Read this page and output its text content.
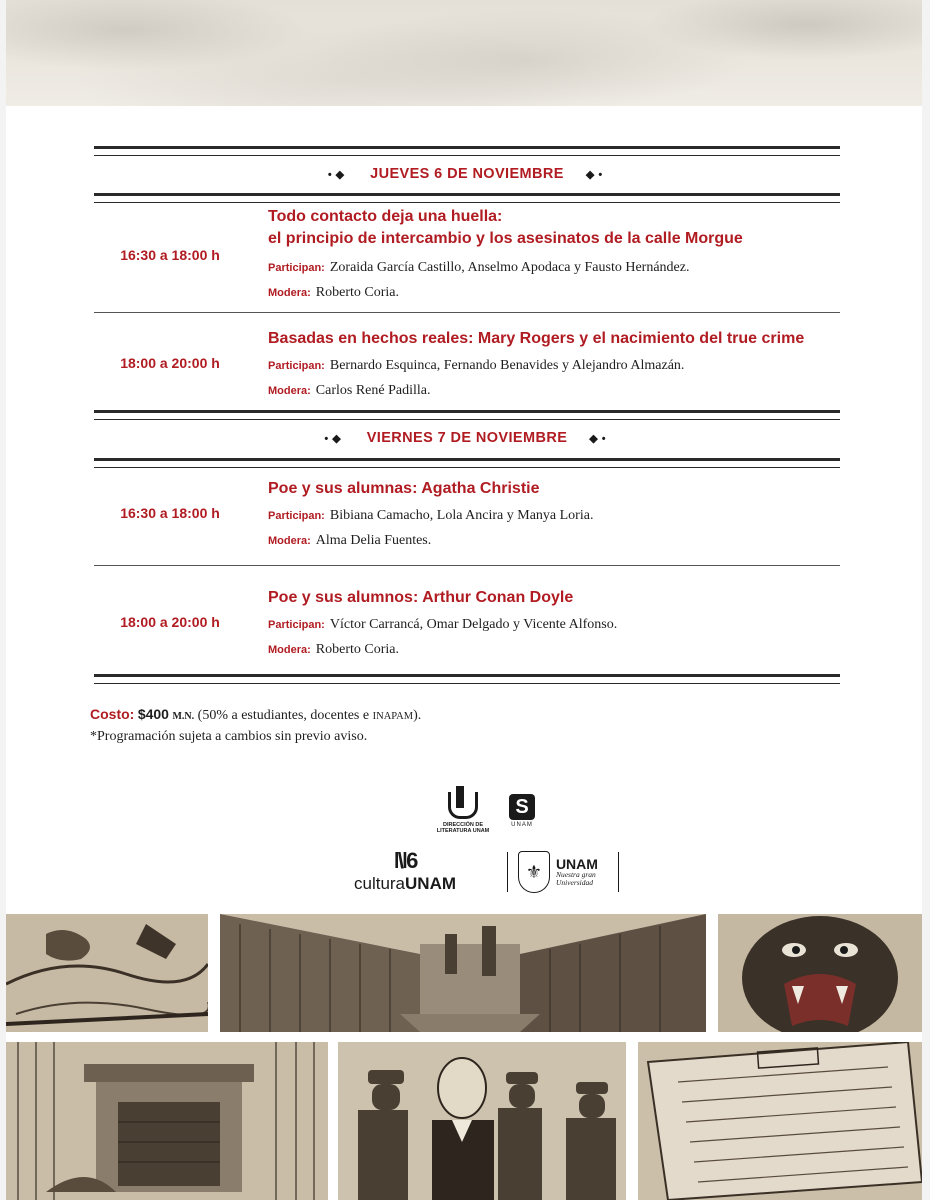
•◆ JUEVES 6 DE NOVIEMBRE ◆•
16:30 a 18:00 h
Todo contacto deja una huella:
el principio de intercambio y los asesinatos de la calle Morgue
Participan: Zoraida García Castillo, Anselmo Apodaca y Fausto Hernández.
Modera: Roberto Coria.
18:00 a 20:00 h
Basadas en hechos reales: Mary Rogers y el nacimiento del true crime
Participan: Bernardo Esquinca, Fernando Benavides y Alejandro Almazán.
Modera: Carlos René Padilla.
•◆ VIERNES 7 DE NOVIEMBRE ◆•
16:30 a 18:00 h
Poe y sus alumnas: Agatha Christie
Participan: Bibiana Camacho, Lola Ancira y Manya Loria.
Modera: Alma Delia Fuentes.
18:00 a 20:00 h
Poe y sus alumnos: Arthur Conan Doyle
Participan: Víctor Carrancá, Omar Delgado y Vicente Alfonso.
Modera: Roberto Coria.
Costo: $400 M.N. (50% a estudiantes, docentes e INAPAM).
*Programación sujeta a cambios sin previo aviso.
DIRECCIÓN DE LITERATURA UNAM
S
UNAM
ǀ\ǀ6
culturaUNAM
⚜ UNAM
Nuestra gran Universidad
